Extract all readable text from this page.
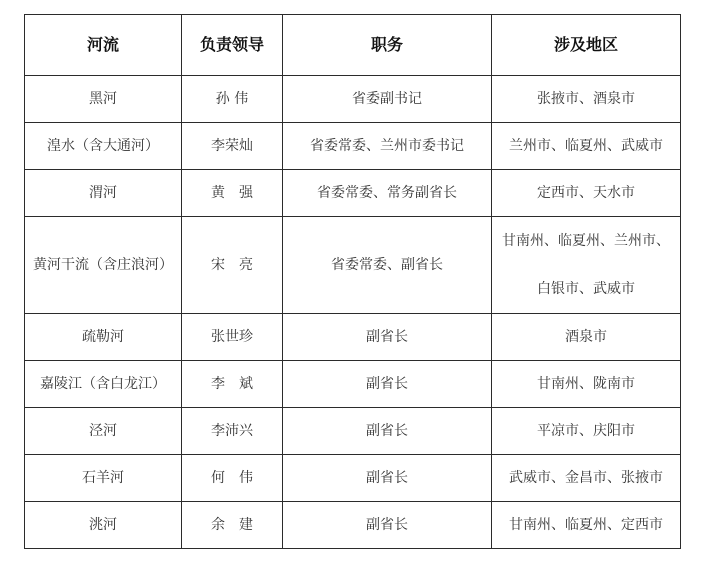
河流	负责领导	职务	涉及地区
黑河	孙 伟	省委副书记	张掖市、酒泉市
湟水（含大通河）	李荣灿	省委常委、兰州市委书记	兰州市、临夏州、武威市
渭河	黄　强	省委常委、常务副省长	定西市、天水市
黄河干流（含庄浪河）	宋　亮	省委常委、副省长	甘南州、临夏州、兰州市、
白银市、武威市

疏勒河	张世珍	副省长	酒泉市
嘉陵江（含白龙江）	李　斌	副省长	甘南州、陇南市
泾河	李沛兴	副省长	平凉市、庆阳市
石羊河	何　伟	副省长	武威市、金昌市、张掖市
洮河	余　建	副省长	甘南州、临夏州、定西市
